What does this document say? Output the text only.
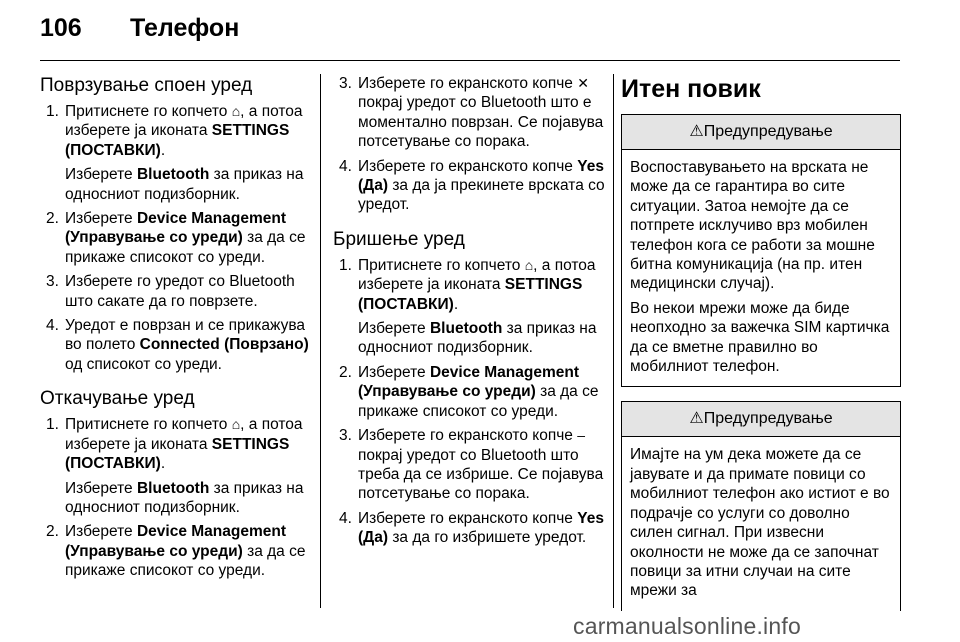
106 Телефон
Поврзување споен уред
1. Притиснете го копчето ⌂, а потоа изберете ја иконата SETTINGS (ПОСТАВКИ).

Изберете Bluetooth за приказ на односниот подизборник.

2. Изберете Device Management (Управување со уреди) за да се прикаже списокот со уреди.

3. Изберете го уредот со Bluetooth што сакате да го поврзете.

4. Уредот е поврзан и се прикажува во полето Connected (Поврзано) од списокот со уреди.

Откачување уред
1. Притиснете го копчето ⌂, а потоа изберете ја иконата SETTINGS (ПОСТАВКИ).

Изберете Bluetooth за приказ на односниот подизборник.

2. Изберете Device Management (Управување со уреди) за да се прикаже списокот со уреди.

3. Изберете го екранското копче ✕ покрај уредот со Bluetooth што е моментално поврзан. Се појавува потсетување со порака.

4. Изберете го екранското копче Yes (Да) за да ја прекинете врската со уредот.

Бришење уред
1. Притиснете го копчето ⌂, а потоа изберете ја иконата SETTINGS (ПОСТАВКИ).

Изберете Bluetooth за приказ на односниот подизборник.

2. Изберете Device Management (Управување со уреди) за да се прикаже списокот со уреди.

3. Изберете го екранското копче – покрај уредот со Bluetooth што треба да се избрише. Се појавува потсетување со порака.

4. Изберете го екранското копче Yes (Да) за да го избришете уредот.

Итен повик
⚠Предупредување

Воспоставувањето на врската не може да се гарантира во сите ситуации. Затоа немојте да се потпрете исклучиво врз мобилен телефон кога се работи за мошне битна комуникација (на пр. итен медицински случај).

Во некои мрежи може да биде неопходно за важечка SIM картичка да се вметне правилно во мобилниот телефон.

⚠Предупредување

Имајте на ум дека можете да се јавувате и да примате повици со мобилниот телефон ако истиот е во подрачје со услуги со доволно силен сигнал. При извесни околности не може да се започнат повици за итни случаи на сите мрежи за

carmanualsonline.info
